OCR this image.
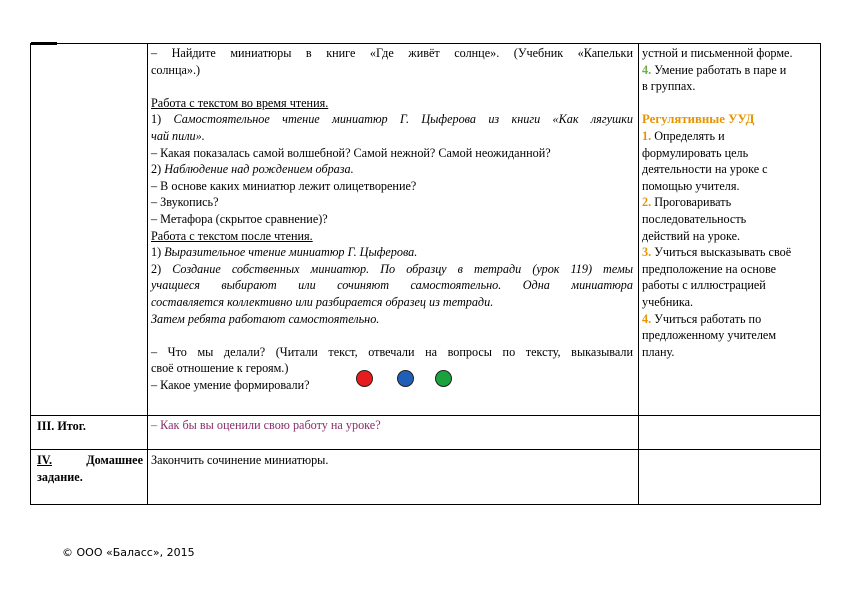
– Найдите миниатюры в книге «Где живёт солнце». (Учебник «Капельки

солнца».)

Работа с текстом во время чтения.

1) Самостоятельное чтение миниатюр Г. Цыферова из книги «Как лягушки

чай пили».

– Какая показалась самой волшебной? Самой нежной? Самой неожиданной?

2) Наблюдение над рождением образа.

– В основе каких миниатюр лежит олицетворение?

– Звукопись?

– Метафора (скрытое сравнение)?

Работа с текстом после чтения.

1) Выразительное чтение миниатюр Г. Цыферова.

2) Создание собственных миниатюр. По образцу в тетради (урок 119) темы

учащиеся выбирают или сочиняют самостоятельно. Одна миниатюра

составляется коллективно или разбирается образец из тетради.

Затем ребята работают самостоятельно.

– Что мы делали? (Читали текст, отвечали на вопросы по тексту, выказывали

своё отношение к героям.)

– Какое умение формировали?

устной и письменной форме.

4. Умение работать в паре и

в группах.

Регулятивные УУД

1. Определять и

формулировать цель

деятельности на уроке с

помощью учителя.

2. Проговаривать

последовательность

действий на уроке.

3. Учиться высказывать своё

предположение на основе

работы с иллюстрацией

учебника.

4. Учиться работать по

предложенному учителем

плану.

III. Итог.	– Как бы вы оценили свою работу на уроке?
IV.	Домашнее
задание.
Закончить сочинение миниатюры.
© ООО «Баласс», 2015
